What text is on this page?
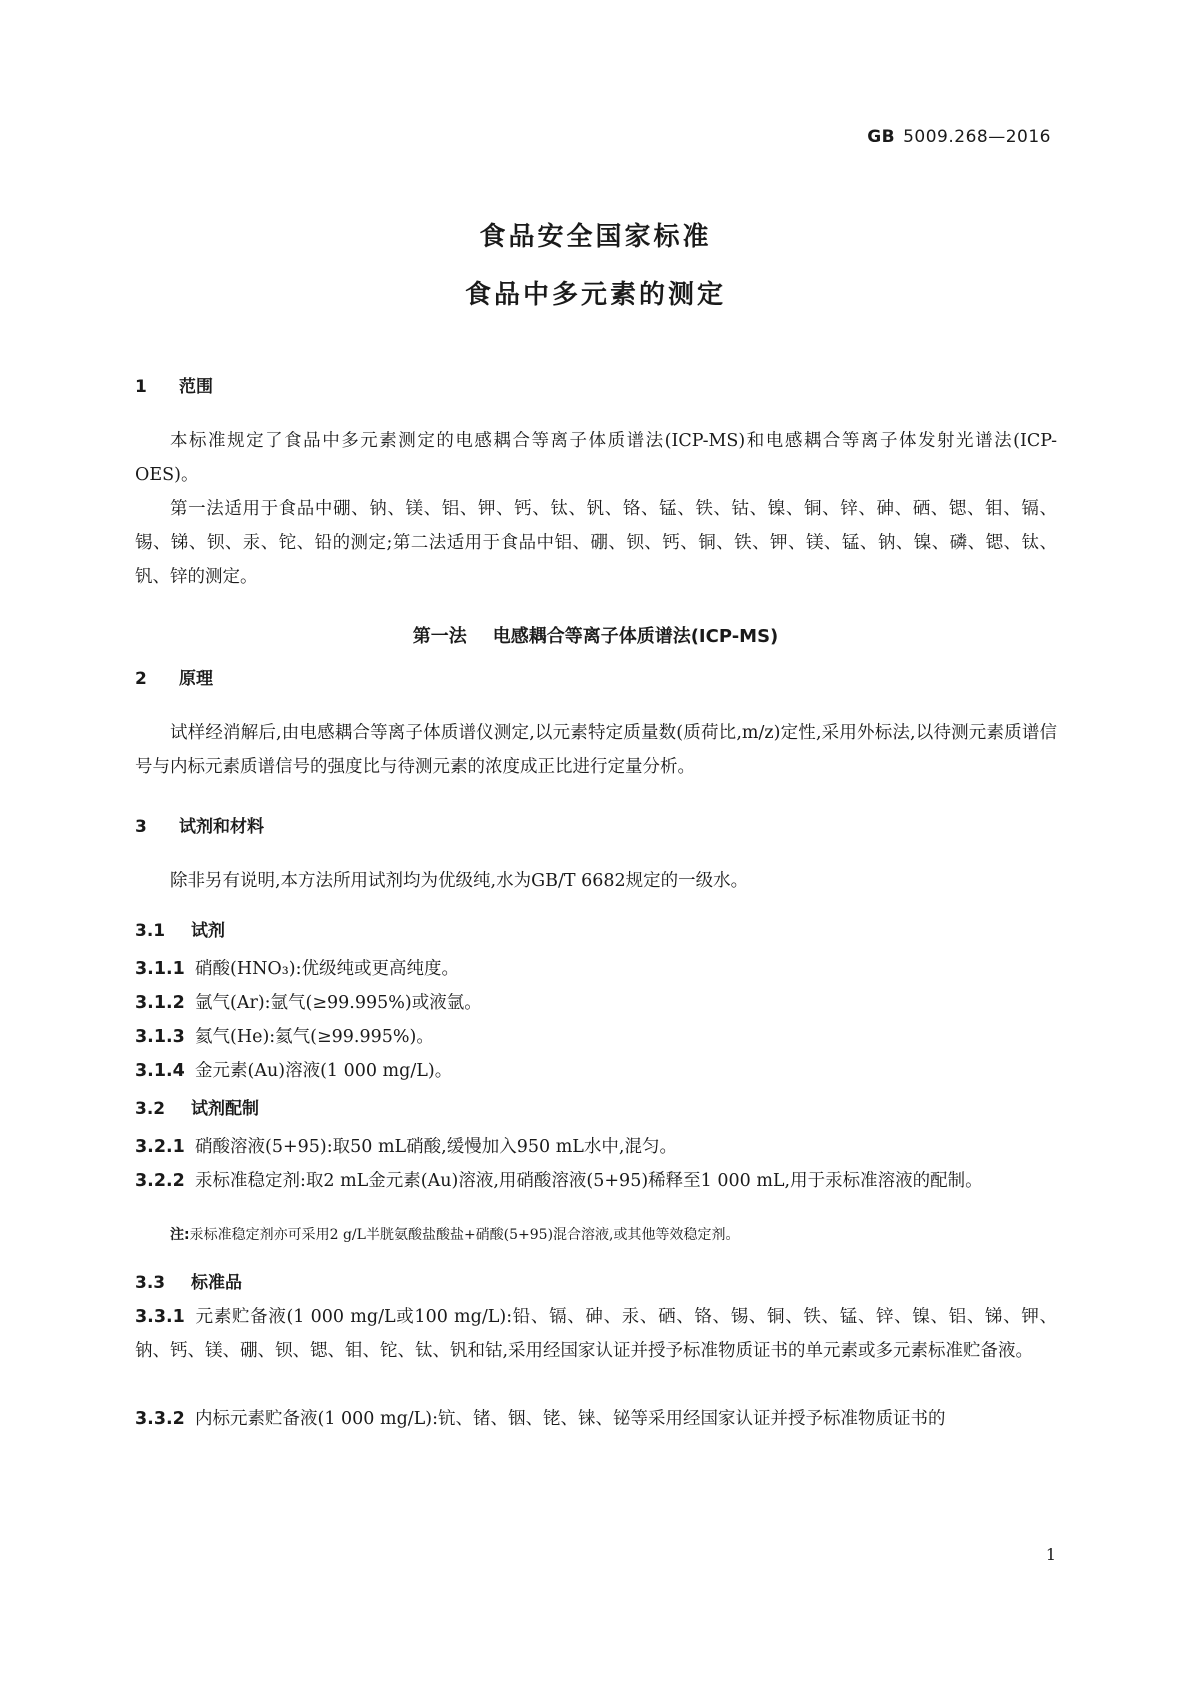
GB 5009.268—2016
食品安全国家标准
食品中多元素的测定
1 范围

本标准规定了食品中多元素测定的电感耦合等离子体质谱法(ICP-MS)和电感耦合等离子体发射光谱法(ICP-OES)。

第一法适用于食品中硼、钠、镁、铝、钾、钙、钛、钒、铬、锰、铁、钴、镍、铜、锌、砷、硒、锶、钼、镉、锡、锑、钡、汞、铊、铅的测定;第二法适用于食品中铝、硼、钡、钙、铜、铁、钾、镁、锰、钠、镍、磷、锶、钛、钒、锌的测定。

第一法 电感耦合等离子体质谱法(ICP-MS)
2 原理

试样经消解后,由电感耦合等离子体质谱仪测定,以元素特定质量数(质荷比,m/z)定性,采用外标法,以待测元素质谱信号与内标元素质谱信号的强度比与待测元素的浓度成正比进行定量分析。

3 试剂和材料

除非另有说明,本方法所用试剂均为优级纯,水为GB/T 6682规定的一级水。

3.1 试剂

3.1.1 硝酸(HNO₃):优级纯或更高纯度。

3.1.2 氩气(Ar):氩气(≥99.995%)或液氩。

3.1.3 氦气(He):氦气(≥99.995%)。

3.1.4 金元素(Au)溶液(1 000 mg/L)。

3.2 试剂配制

3.2.1 硝酸溶液(5+95):取50 mL硝酸,缓慢加入950 mL水中,混匀。

3.2.2 汞标准稳定剂:取2 mL金元素(Au)溶液,用硝酸溶液(5+95)稀释至1 000 mL,用于汞标准溶液的配制。

注:汞标准稳定剂亦可采用2 g/L半胱氨酸盐酸盐+硝酸(5+95)混合溶液,或其他等效稳定剂。
3.3 标准品

3.3.1 元素贮备液(1 000 mg/L或100 mg/L):铅、镉、砷、汞、硒、铬、锡、铜、铁、锰、锌、镍、铝、锑、钾、钠、钙、镁、硼、钡、锶、钼、铊、钛、钒和钴,采用经国家认证并授予标准物质证书的单元素或多元素标准贮备液。

3.3.2 内标元素贮备液(1 000 mg/L):钪、锗、铟、铑、铼、铋等采用经国家认证并授予标准物质证书的

1
